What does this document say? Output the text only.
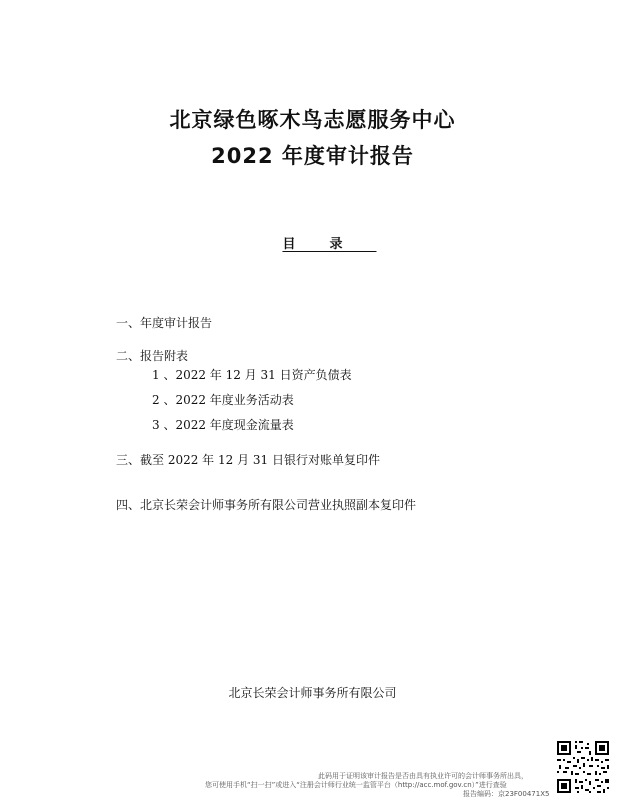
北京绿色啄木鸟志愿服务中心
2022 年度审计报告
目录
一、年度审计报告
二、报告附表
1 、2022 年 12 月 31 日资产负债表
2 、2022 年度业务活动表
3 、2022 年度现金流量表
三、截至 2022 年 12 月 31 日银行对账单复印件
四、北京长荣会计师事务所有限公司营业执照副本复印件
北京长荣会计师事务所有限公司
此码用于证明该审计报告是否由具有执业许可的会计师事务所出具，
您可使用手机“扫一扫”或进入“注册会计师行业统一监管平台（http://acc.mof.gov.cn）”进行查验
报告编码：京23F00471X5
